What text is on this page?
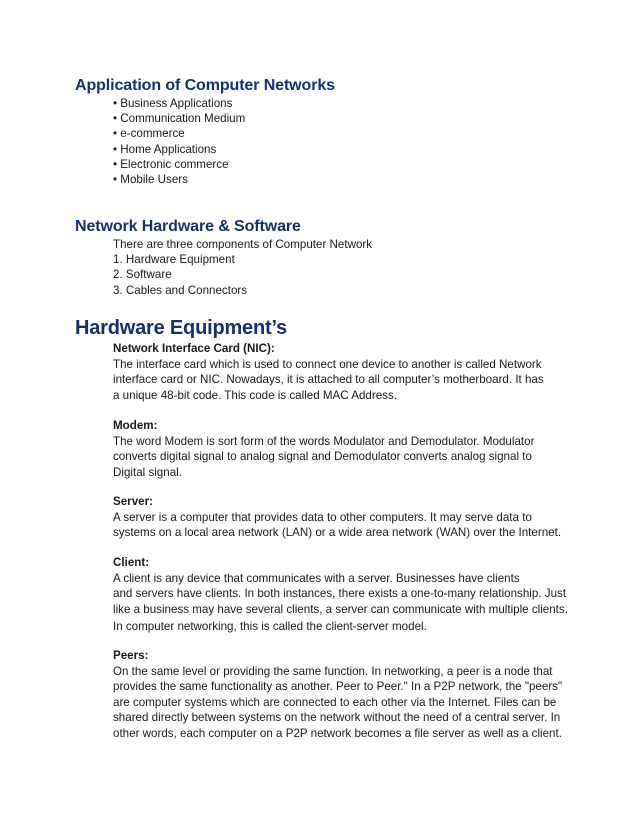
Application of Computer Networks
• Business Applications
• Communication Medium
• e-commerce
• Home Applications
• Electronic commerce
• Mobile Users
Network Hardware & Software
There are three components of Computer Network
1. Hardware Equipment
2. Software
3. Cables and Connectors
Hardware Equipment’s
Network Interface Card (NIC):
The interface card which is used to connect one device to another is called Network
interface card or NIC. Nowadays, it is attached to all computer’s motherboard. It has
a unique 48-bit code. This code is called MAC Address.
Modem:
The word Modem is sort form of the words Modulator and Demodulator. Modulator
converts digital signal to analog signal and Demodulator converts analog signal to
Digital signal.
Server:
A server is a computer that provides data to other computers. It may serve data to
systems on a local area network (LAN) or a wide area network (WAN) over the Internet.
Client:
A client is any device that communicates with a server. Businesses have clients
and servers have clients. In both instances, there exists a one-to-many relationship. Just
like a business may have several clients, a server can communicate with multiple clients.
In computer networking, this is called the client-server model.
Peers:
On the same level or providing the same function. In networking, a peer is a node that
provides the same functionality as another. Peer to Peer." In a P2P network, the "peers"
are computer systems which are connected to each other via the Internet. Files can be
shared directly between systems on the network without the need of a central server. In
other words, each computer on a P2P network becomes a file server as well as a client.
